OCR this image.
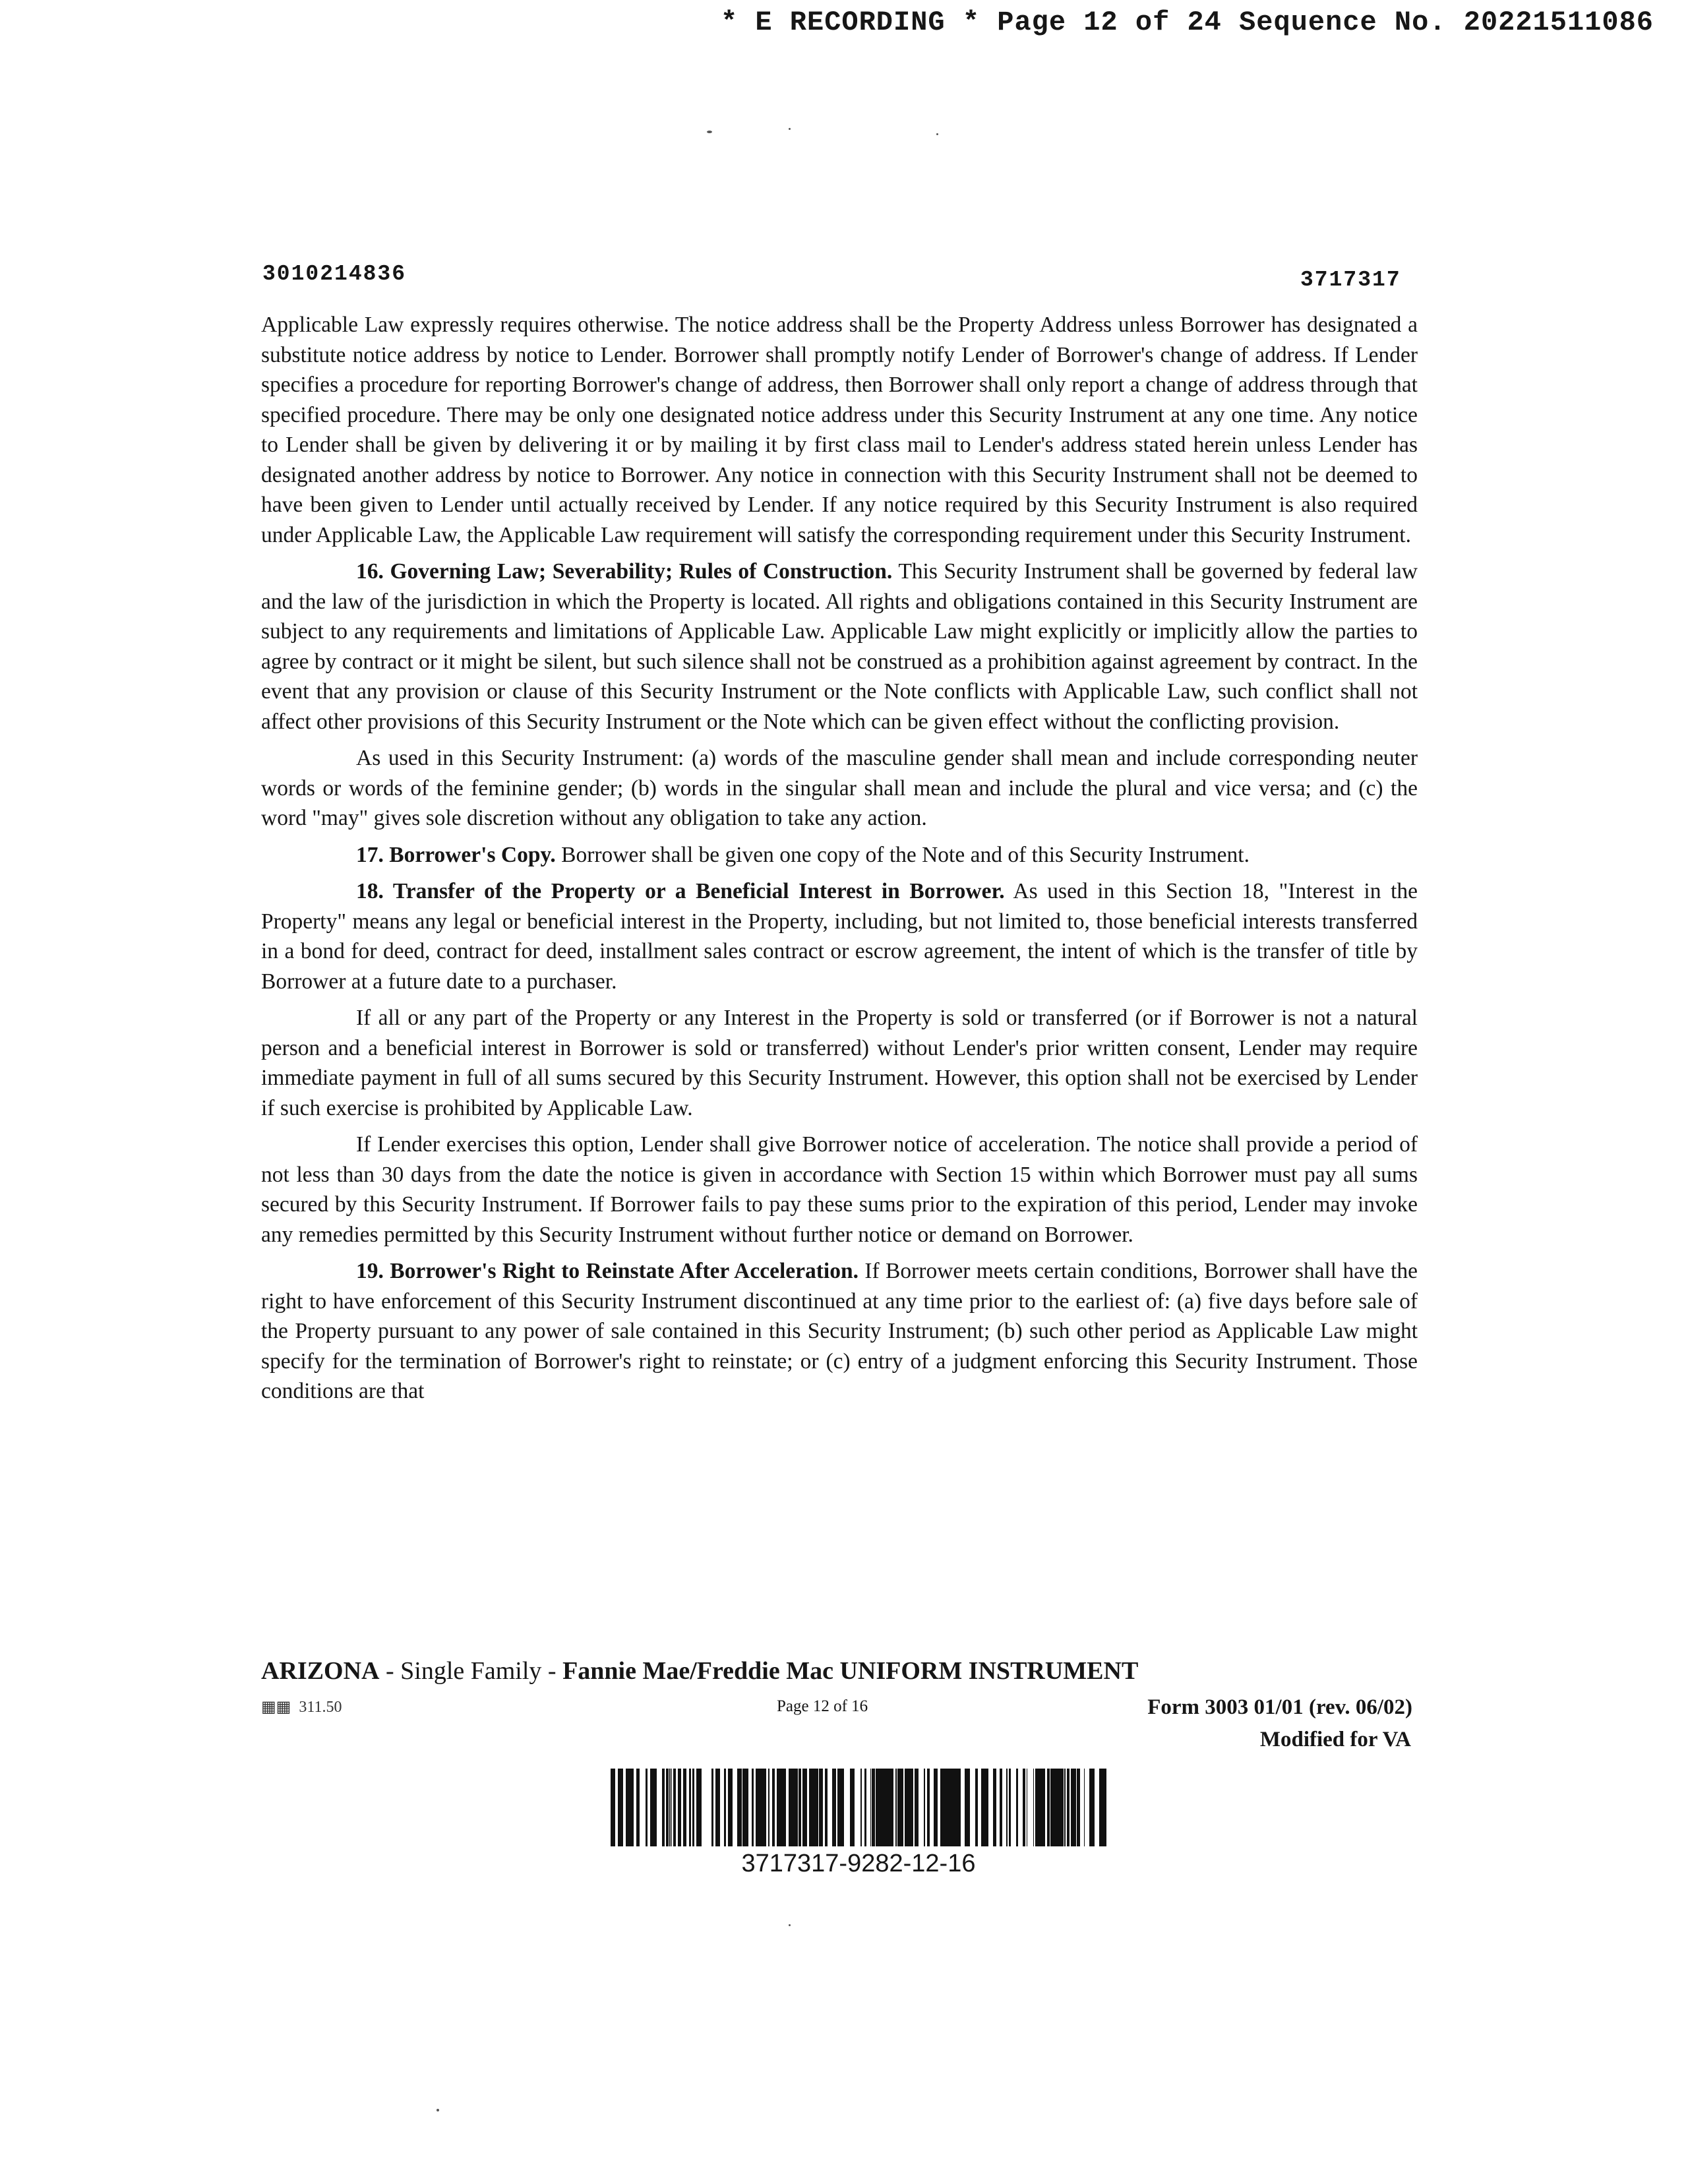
* E RECORDING * Page 12 of 24 Sequence No. 20221511086
3010214836	3717317

Applicable Law expressly requires otherwise. The notice address shall be the Property Address unless Borrower has designated a substitute notice address by notice to Lender. Borrower shall promptly notify Lender of Borrower's change of address. If Lender specifies a procedure for reporting Borrower's change of address, then Borrower shall only report a change of address through that specified procedure. There may be only one designated notice address under this Security Instrument at any one time. Any notice to Lender shall be given by delivering it or by mailing it by first class mail to Lender's address stated herein unless Lender has designated another address by notice to Borrower. Any notice in connection with this Security Instrument shall not be deemed to have been given to Lender until actually received by Lender. If any notice required by this Security Instrument is also required under Applicable Law, the Applicable Law requirement will satisfy the corresponding requirement under this Security Instrument.

16. Governing Law; Severability; Rules of Construction. This Security Instrument shall be governed by federal law and the law of the jurisdiction in which the Property is located. All rights and obligations contained in this Security Instrument are subject to any requirements and limitations of Applicable Law. Applicable Law might explicitly or implicitly allow the parties to agree by contract or it might be silent, but such silence shall not be construed as a prohibition against agreement by contract. In the event that any provision or clause of this Security Instrument or the Note conflicts with Applicable Law, such conflict shall not affect other provisions of this Security Instrument or the Note which can be given effect without the conflicting provision.

As used in this Security Instrument: (a) words of the masculine gender shall mean and include corresponding neuter words or words of the feminine gender; (b) words in the singular shall mean and include the plural and vice versa; and (c) the word "may" gives sole discretion without any obligation to take any action.

17. Borrower's Copy. Borrower shall be given one copy of the Note and of this Security Instrument.

18. Transfer of the Property or a Beneficial Interest in Borrower. As used in this Section 18, "Interest in the Property" means any legal or beneficial interest in the Property, including, but not limited to, those beneficial interests transferred in a bond for deed, contract for deed, installment sales contract or escrow agreement, the intent of which is the transfer of title by Borrower at a future date to a purchaser.

If all or any part of the Property or any Interest in the Property is sold or transferred (or if Borrower is not a natural person and a beneficial interest in Borrower is sold or transferred) without Lender's prior written consent, Lender may require immediate payment in full of all sums secured by this Security Instrument. However, this option shall not be exercised by Lender if such exercise is prohibited by Applicable Law.

If Lender exercises this option, Lender shall give Borrower notice of acceleration. The notice shall provide a period of not less than 30 days from the date the notice is given in accordance with Section 15 within which Borrower must pay all sums secured by this Security Instrument. If Borrower fails to pay these sums prior to the expiration of this period, Lender may invoke any remedies permitted by this Security Instrument without further notice or demand on Borrower.

19. Borrower's Right to Reinstate After Acceleration. If Borrower meets certain conditions, Borrower shall have the right to have enforcement of this Security Instrument discontinued at any time prior to the earliest of: (a) five days before sale of the Property pursuant to any power of sale contained in this Security Instrument; (b) such other period as Applicable Law might specify for the termination of Borrower's right to reinstate; or (c) entry of a judgment enforcing this Security Instrument. Those conditions are that

ARIZONA - Single Family - Fannie Mae/Freddie Mac UNIFORM INSTRUMENT
▦▦ 311.50	Page 12 of 16	Form 3003 01/01 (rev. 06/02)
Modified for VA
3717317-9282-12-16
